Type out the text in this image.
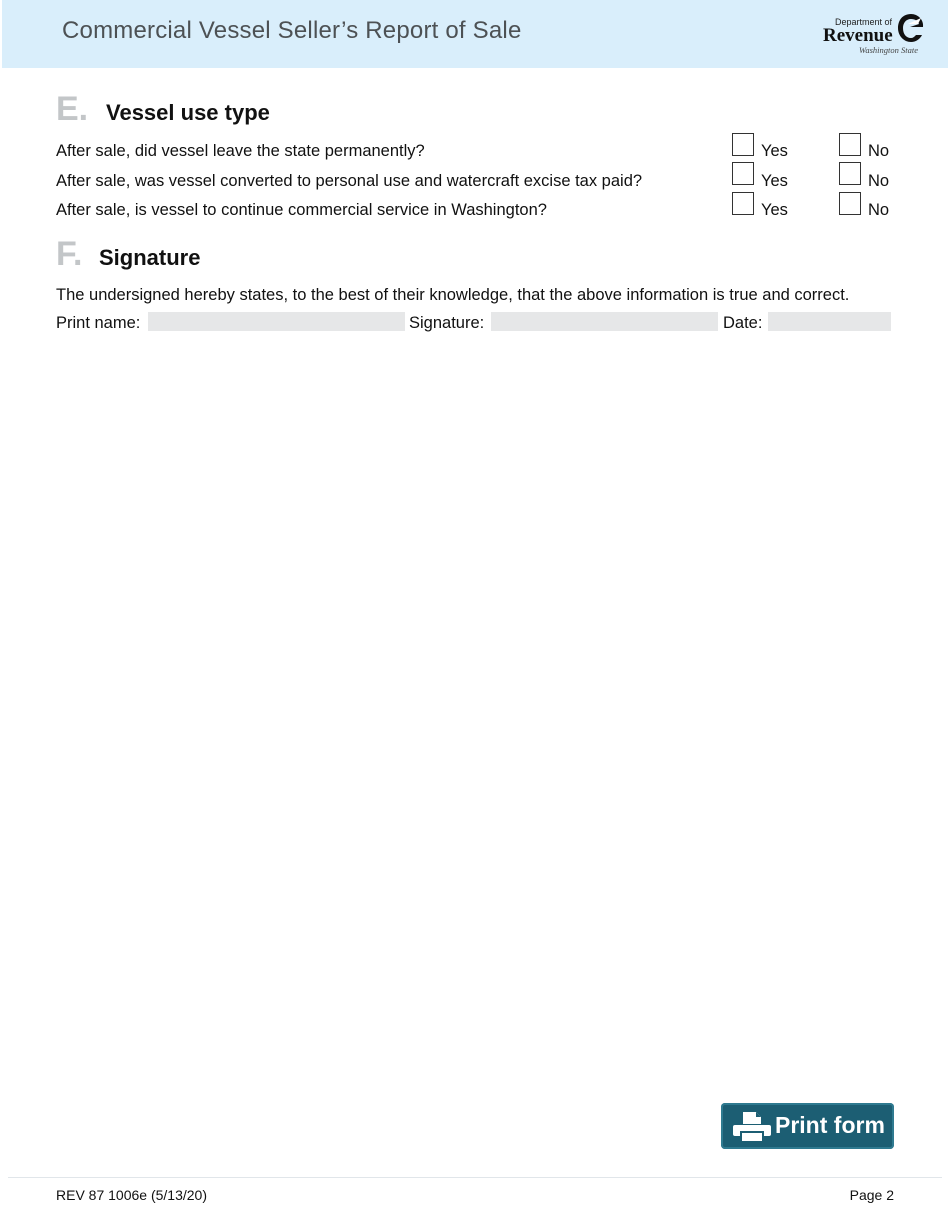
Commercial Vessel Seller’s Report of Sale	Department of
Revenue
Washington State
E. Vessel use type
After sale, did vessel leave the state permanently?	Yes	No
After sale, was vessel converted to personal use and watercraft excise tax paid?	Yes	No
After sale, is vessel to continue commercial service in Washington?	Yes	No
F. Signature
The undersigned hereby states, to the best of their knowledge, that the above information is true and correct.
Print name:	Signature:	Date:
Print form
REV 87 1006e (5/13/20)	Page 2
